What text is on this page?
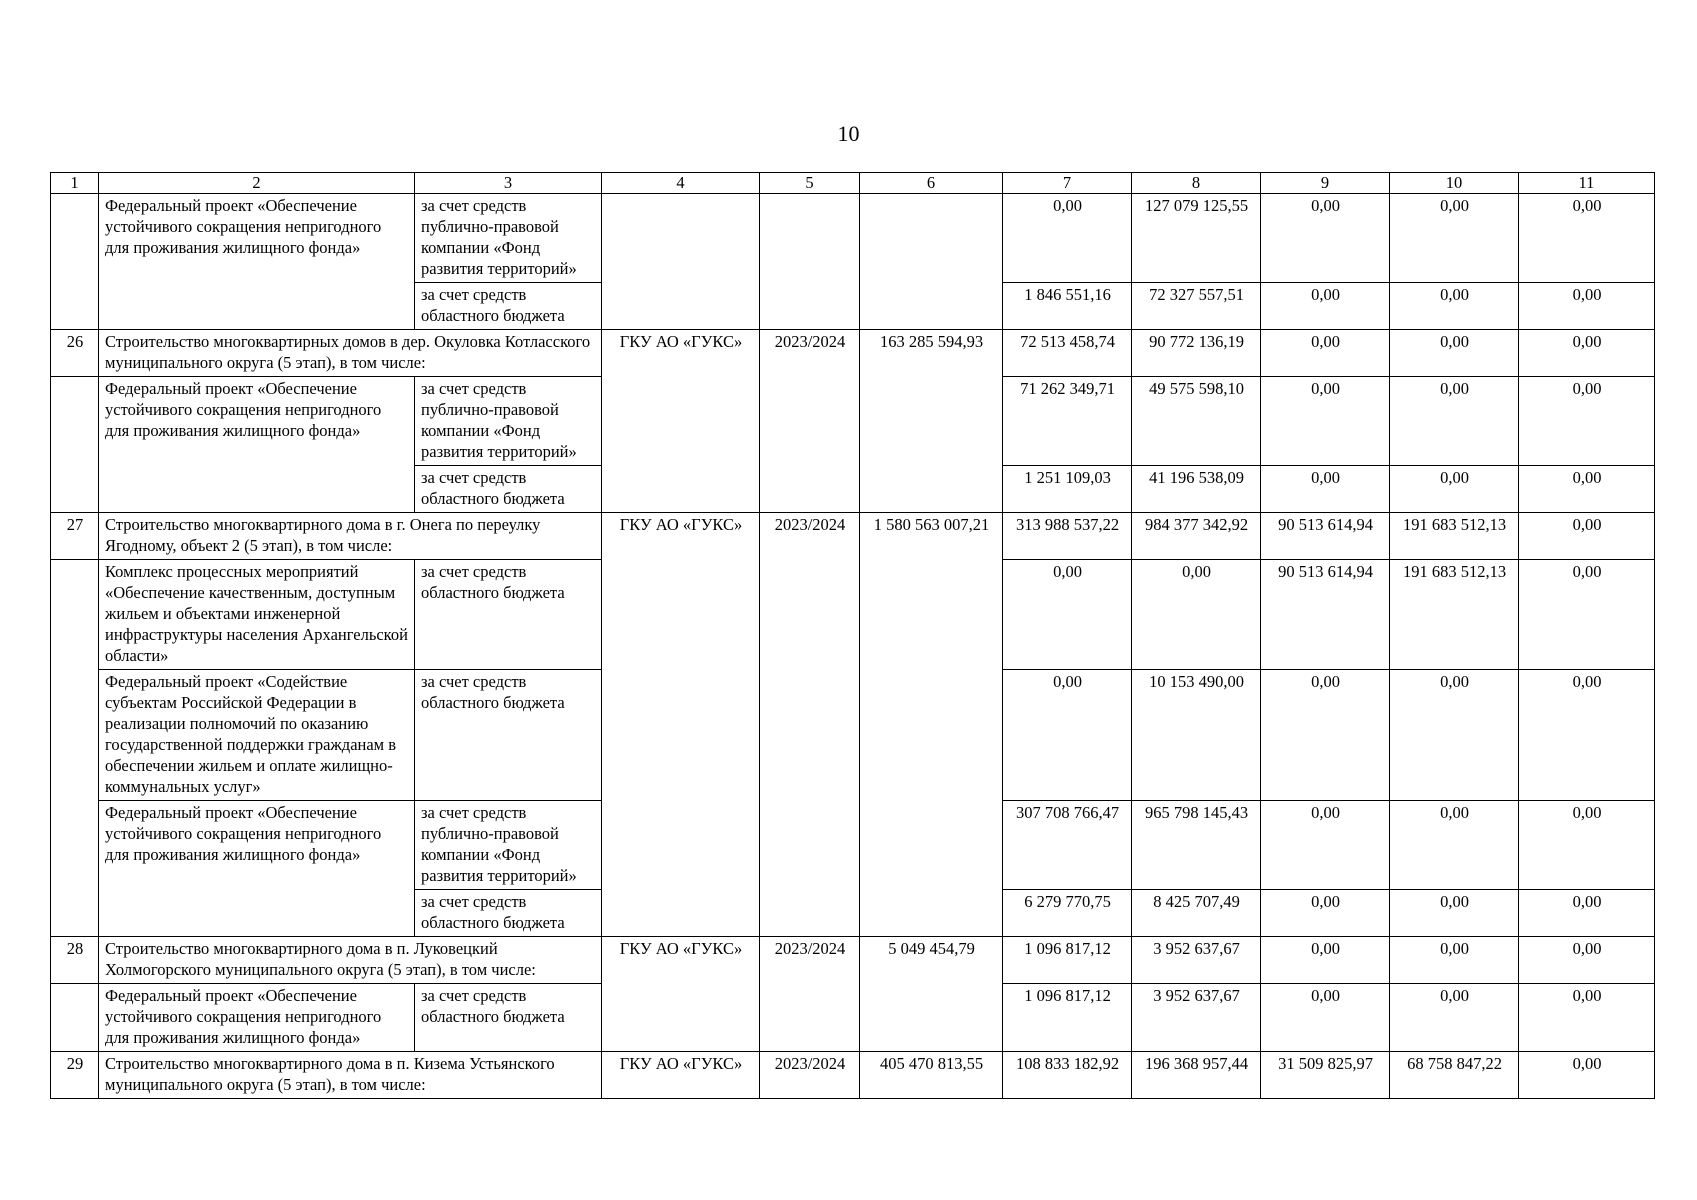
10
1	2	3	4	5	6	7	8	9	10	11
	Федеральный проект «Обеспечение устойчивого сокращения непригодного для проживания жилищного фонда»	за счет средств публично-правовой компании «Фонд развития территорий»				0,00	127 079 125,55	0,00	0,00	0,00
		за счет средств областного бюджета				1 846 551,16	72 327 557,51	0,00	0,00	0,00
26	Строительство многоквартирных домов в дер. Окуловка Котласского муниципального округа (5 этап), в том числе:		ГКУ АО «ГУКС»	2023/2024	163 285 594,93	72 513 458,74	90 772 136,19	0,00	0,00	0,00
	Федеральный проект «Обеспечение устойчивого сокращения непригодного для проживания жилищного фонда»	за счет средств публично-правовой компании «Фонд развития территорий»				71 262 349,71	49 575 598,10	0,00	0,00	0,00
		за счет средств областного бюджета				1 251 109,03	41 196 538,09	0,00	0,00	0,00
27	Строительство многоквартирного дома в г. Онега по переулку Ягодному, объект 2 (5 этап), в том числе:		ГКУ АО «ГУКС»	2023/2024	1 580 563 007,21	313 988 537,22	984 377 342,92	90 513 614,94	191 683 512,13	0,00
	Комплекс процессных мероприятий «Обеспечение качественным, доступным жильем и объектами инженерной инфраструктуры населения Архангельской области»	за счет средств областного бюджета				0,00	0,00	90 513 614,94	191 683 512,13	0,00
	Федеральный проект «Содействие субъектам Российской Федерации в реализации полномочий по оказанию государственной поддержки гражданам в обеспечении жильем и оплате жилищно-коммунальных услуг»	за счет средств областного бюджета				0,00	10 153 490,00	0,00	0,00	0,00
	Федеральный проект «Обеспечение устойчивого сокращения непригодного для проживания жилищного фонда»	за счет средств публично-правовой компании «Фонд развития территорий»				307 708 766,47	965 798 145,43	0,00	0,00	0,00
		за счет средств областного бюджета				6 279 770,75	8 425 707,49	0,00	0,00	0,00
28	Строительство многоквартирного дома в п. Луковецкий Холмогорского муниципального округа (5 этап), в том числе:		ГКУ АО «ГУКС»	2023/2024	5 049 454,79	1 096 817,12	3 952 637,67	0,00	0,00	0,00
	Федеральный проект «Обеспечение устойчивого сокращения непригодного для проживания жилищного фонда»	за счет средств областного бюджета				1 096 817,12	3 952 637,67	0,00	0,00	0,00
29	Строительство многоквартирного дома в п. Кизема Устьянского муниципального округа (5 этап), в том числе:		ГКУ АО «ГУКС»	2023/2024	405 470 813,55	108 833 182,92	196 368 957,44	31 509 825,97	68 758 847,22	0,00
